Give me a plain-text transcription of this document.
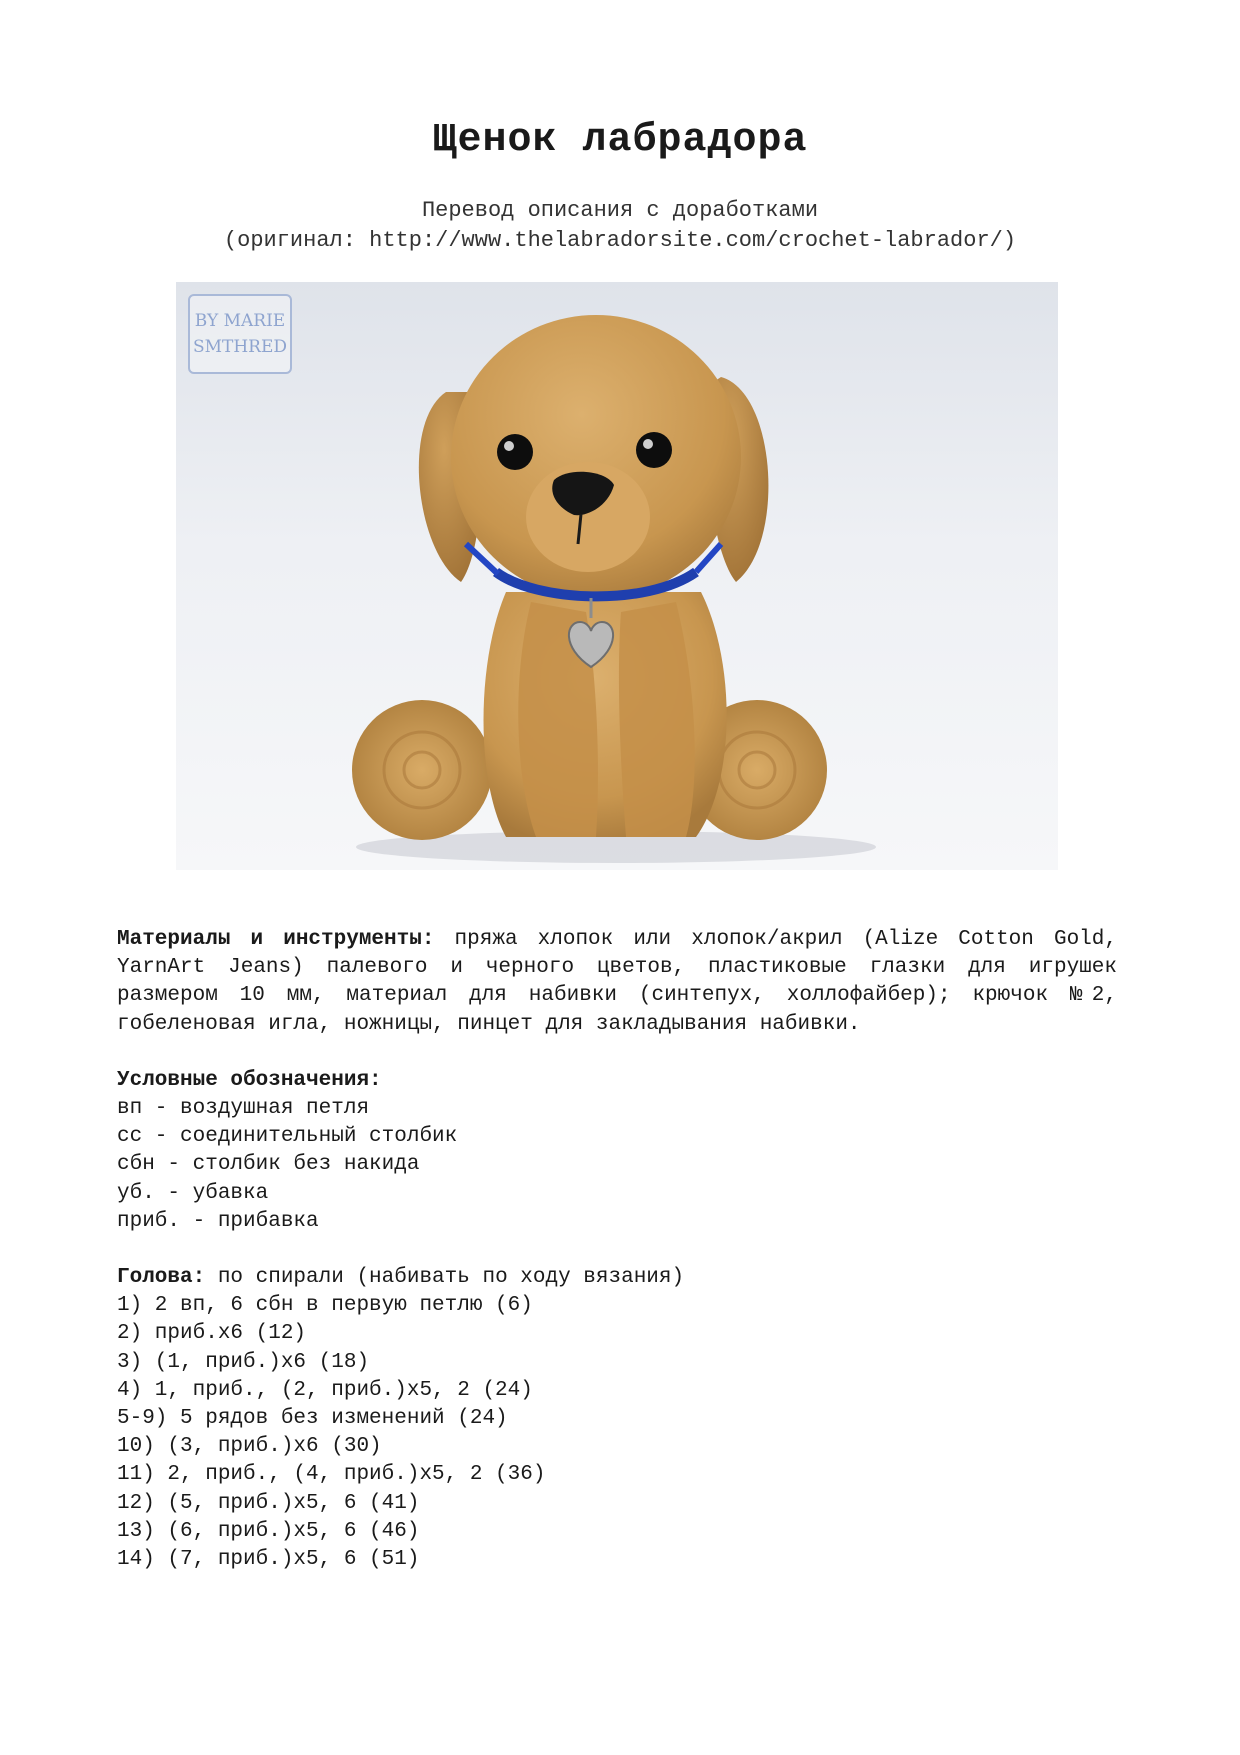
Щенок лабрадора
Перевод описания с доработками
(оригинал: http://www.thelabradorsite.com/crochet-labrador/)
BY MARIE
SMTHRED

Материалы и инструменты: пряжа хлопок или хлопок/акрил (Alize Cotton Gold, YarnArt Jeans) палевого и черного цветов, пластиковые глазки для игрушек размером 10 мм, материал для набивки (синтепух, холлофайбер); крючок №2, гобеленовая игла, ножницы, пинцет для закладывания набивки.

Условные обозначения:
вп - воздушная петля
сс - соединительный столбик
сбн - столбик без накида
уб. - убавка
приб. - прибавка
Голова: по спирали (набивать по ходу вязания)
1) 2 вп, 6 сбн в первую петлю (6)
2) приб.х6 (12)
3) (1, приб.)х6 (18)
4) 1, приб., (2, приб.)х5, 2 (24)
5-9) 5 рядов без изменений (24)
10) (3, приб.)х6 (30)
11) 2, приб., (4, приб.)х5, 2 (36)
12) (5, приб.)х5, 6 (41)
13) (6, приб.)х5, 6 (46)
14) (7, приб.)х5, 6 (51)
